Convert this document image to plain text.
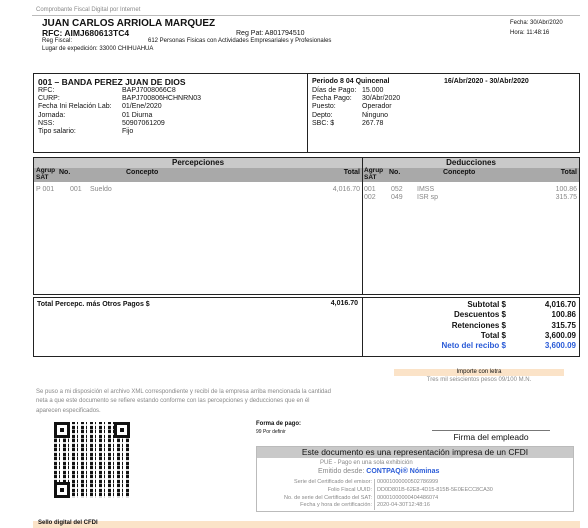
Comprobante Fiscal Digital por Internet
JUAN CARLOS ARRIOLA MARQUEZ
RFC: AIMJ680613TC4	Reg Pat: A801794510
Reg Fiscal:	612 Personas Fisicas con Actividades Empresariales y Profesionales
Lugar de expedición: 33000 CHIHUAHUA
Fecha: 30/Abr/2020
Hora: 11:48:16
001 – BANDA PEREZ JUAN DE DIOS
RFC:	BAPJ7008066C8
CURP:	BAPJ700806HCHNRN03
Fecha Ini Relación Lab: 01/Ene/2020
Jornada:	01 Diurna
NSS:	50907061209
Tipo salario:	Fijo
Periodo 8 04 Quincenal	16/Abr/2020 - 30/Abr/2020
Días de Pago: 15.000
Fecha Pago: 30/Abr/2020
Puesto:	Operador
Depto:	Ninguno
SBC: $	267.78
Percepciones
Agrup SAT
No.	Concepto	Total
P 001 001 Sueldo	4,016.70
Deducciones
Agrup SAT
No.	Concepto	Total
001 052 IMSS	100.86
002 049 ISR sp	315.75
Total Percepc. más Otros Pagos $	4,016.70	Subtotal $	4,016.70
Descuentos $	100.86
Retenciones $	315.75
Total $	3,600.09
Neto del recibo $	3,600.09
Importe con letra
Tres mil seiscientos pesos 09/100 M.N.
Se puso a mi disposición el archivo XML correspondiente y recibí de la empresa arriba mencionada la cantidad neta a que este documento se refiere estando conforme con las percepciones y deducciones que en él aparecen especificados.
Forma de pago:
99 Por definir	Firma del empleado
Este documento es una representación impresa de un CFDI
PUE - Pago en una sola exhibición
Emitido desde: CONTPAQi® Nóminas
Serie del Certificado del emisor: 00001000000502786999
Folio Fiscal UUID: DD0D801B-62E8-4D15-815B-5E0EECC8CA30
No. de serie del Certificado del SAT: 00001000000404486074
Fecha y hora de certificación: 2020-04-30T12:48:16
Sello digital del CFDI
